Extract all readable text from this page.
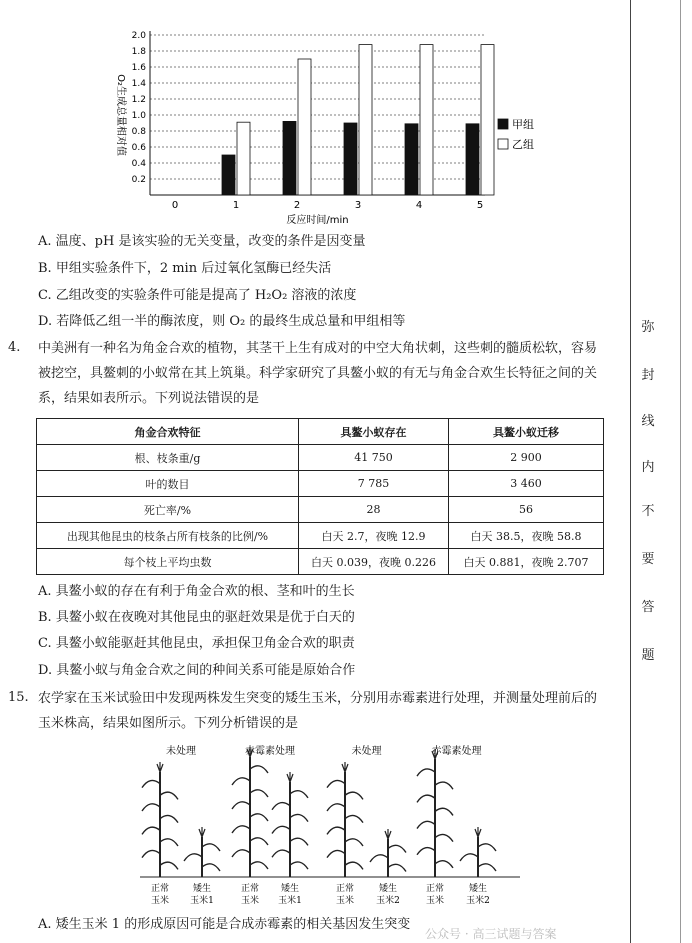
0.2
0.4
0.6
0.8
1.0
1.2
1.4
1.6
1.8
2.0
0	1	2	3	4	5
O₂生成总量相对值
反应时间/min
甲组
乙组
A. 温度、pH 是该实验的无关变量，改变的条件是因变量
B. 甲组实验条件下，2 min 后过氧化氢酶已经失活
C. 乙组改变的实验条件可能是提高了 H₂O₂ 溶液的浓度
D. 若降低乙组一半的酶浓度，则 O₂ 的最终生成总量和甲组相等
4. 中美洲有一种名为角金合欢的植物，其茎干上生有成对的中空大角状刺，这些刺的髓质松软，容易被挖空，具鳌刺的小蚁常在其上筑巢。科学家研究了具鳌小蚁的有无与角金合欢生长特征之间的关系，结果如表所示。下列说法错误的是
角金合欢特征	具鳌小蚁存在	具鳌小蚁迁移
根、枝条重/g	41 750	2 900
叶的数目	7 785	3 460
死亡率/%	28	56
出现其他昆虫的枝条占所有枝条的比例/%	白天 2.7，夜晚 12.9	白天 38.5，夜晚 58.8
每个枝上平均虫数	白天 0.039，夜晚 0.226	白天 0.881，夜晚 2.707
A. 具鳌小蚁的存在有利于角金合欢的根、茎和叶的生长
B. 具鳌小蚁在夜晚对其他昆虫的驱赶效果是优于白天的
C. 具鳌小蚁能驱赶其他昆虫，承担保卫角金合欢的职责
D. 具鳌小蚁与角金合欢之间的种间关系可能是原始合作
15. 农学家在玉米试验田中发现两株发生突变的矮生玉米，分别用赤霉素进行处理，并测量处理前后的玉米株高，结果如图所示。下列分析错误的是
未处理
正常
玉米
矮生
玉米1
赤霉素处理
正常
玉米
矮生
玉米1
未处理
正常
玉米
矮生
玉米2
赤霉素处理
正常
玉米
矮生
玉米2
A. 矮生玉米 1 的形成原因可能是合成赤霉素的相关基因发生突变
弥
封
线
内
不
要
答
题
公众号 · 高三试题与答案
